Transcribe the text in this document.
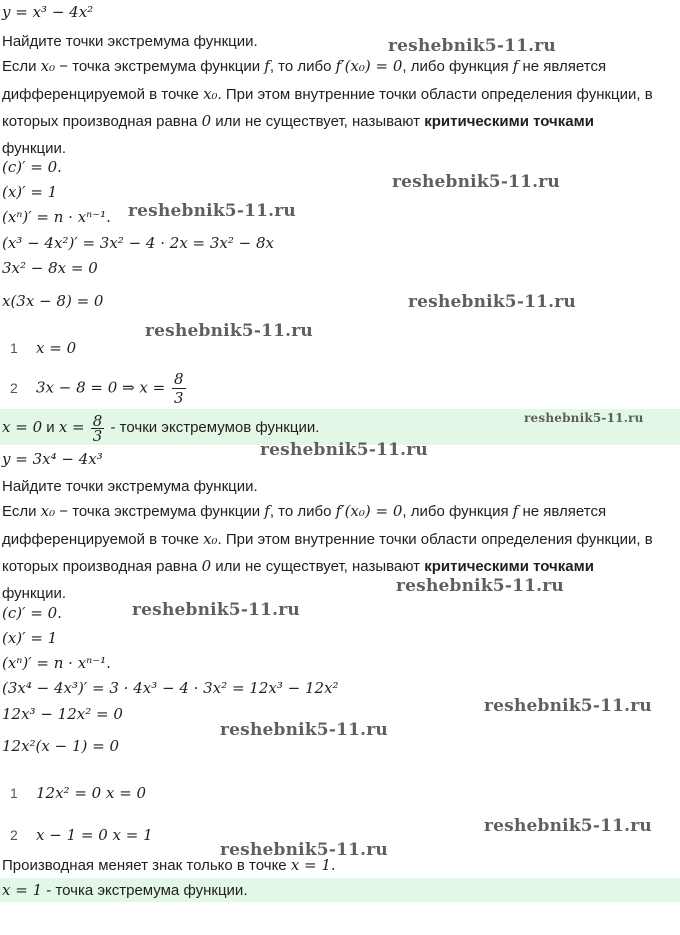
y = x³ − 4x²
Найдите точки экстремума функции.
Если x₀ − точка экстремума функции f, то либо f′(x₀) = 0, либо функция f не является дифференцируемой в точке x₀. При этом внутренние точки области определения функции, в которых производная равна 0 или не существует, называют критическими точками функции.
(c)′ = 0.
(x)′ = 1
(xⁿ)′ = n · xⁿ⁻¹.
(x³ − 4x²)′ = 3x² − 4 · 2x = 3x² − 8x
3x² − 8x = 0
x(3x − 8) = 0
1 x = 0
2 3x − 8 = 0 ⇒ $x = \frac{8}{3}$
x = 0 и $x = \frac{8}{3}$ - точки экстремумов функции.
y = 3x⁴ − 4x³
Найдите точки экстремума функции.
Если x₀ − точка экстремума функции f, то либо f′(x₀) = 0, либо функция f не является дифференцируемой в точке x₀. При этом внутренние точки области определения функции, в которых производная равна 0 или не существует, называют критическими точками функции.
(c)′ = 0.
(x)′ = 1
(xⁿ)′ = n · xⁿ⁻¹.
(3x⁴ − 4x³)′ = 3 · 4x³ − 4 · 3x² = 12x³ − 12x²
12x³ − 12x² = 0
12x²(x − 1) = 0
1 12x² = 0 x = 0
2 x − 1 = 0 x = 1
Производная меняет знак только в точке x = 1.
x = 1 - точка экстремума функции.
reshebnik5-11.ru
reshebnik5-11.ru
reshebnik5-11.ru
reshebnik5-11.ru
reshebnik5-11.ru
reshebnik5-11.ru
reshebnik5-11.ru
reshebnik5-11.ru
reshebnik5-11.ru
reshebnik5-11.ru
reshebnik5-11.ru
reshebnik5-11.ru
reshebnik5-11.ru
